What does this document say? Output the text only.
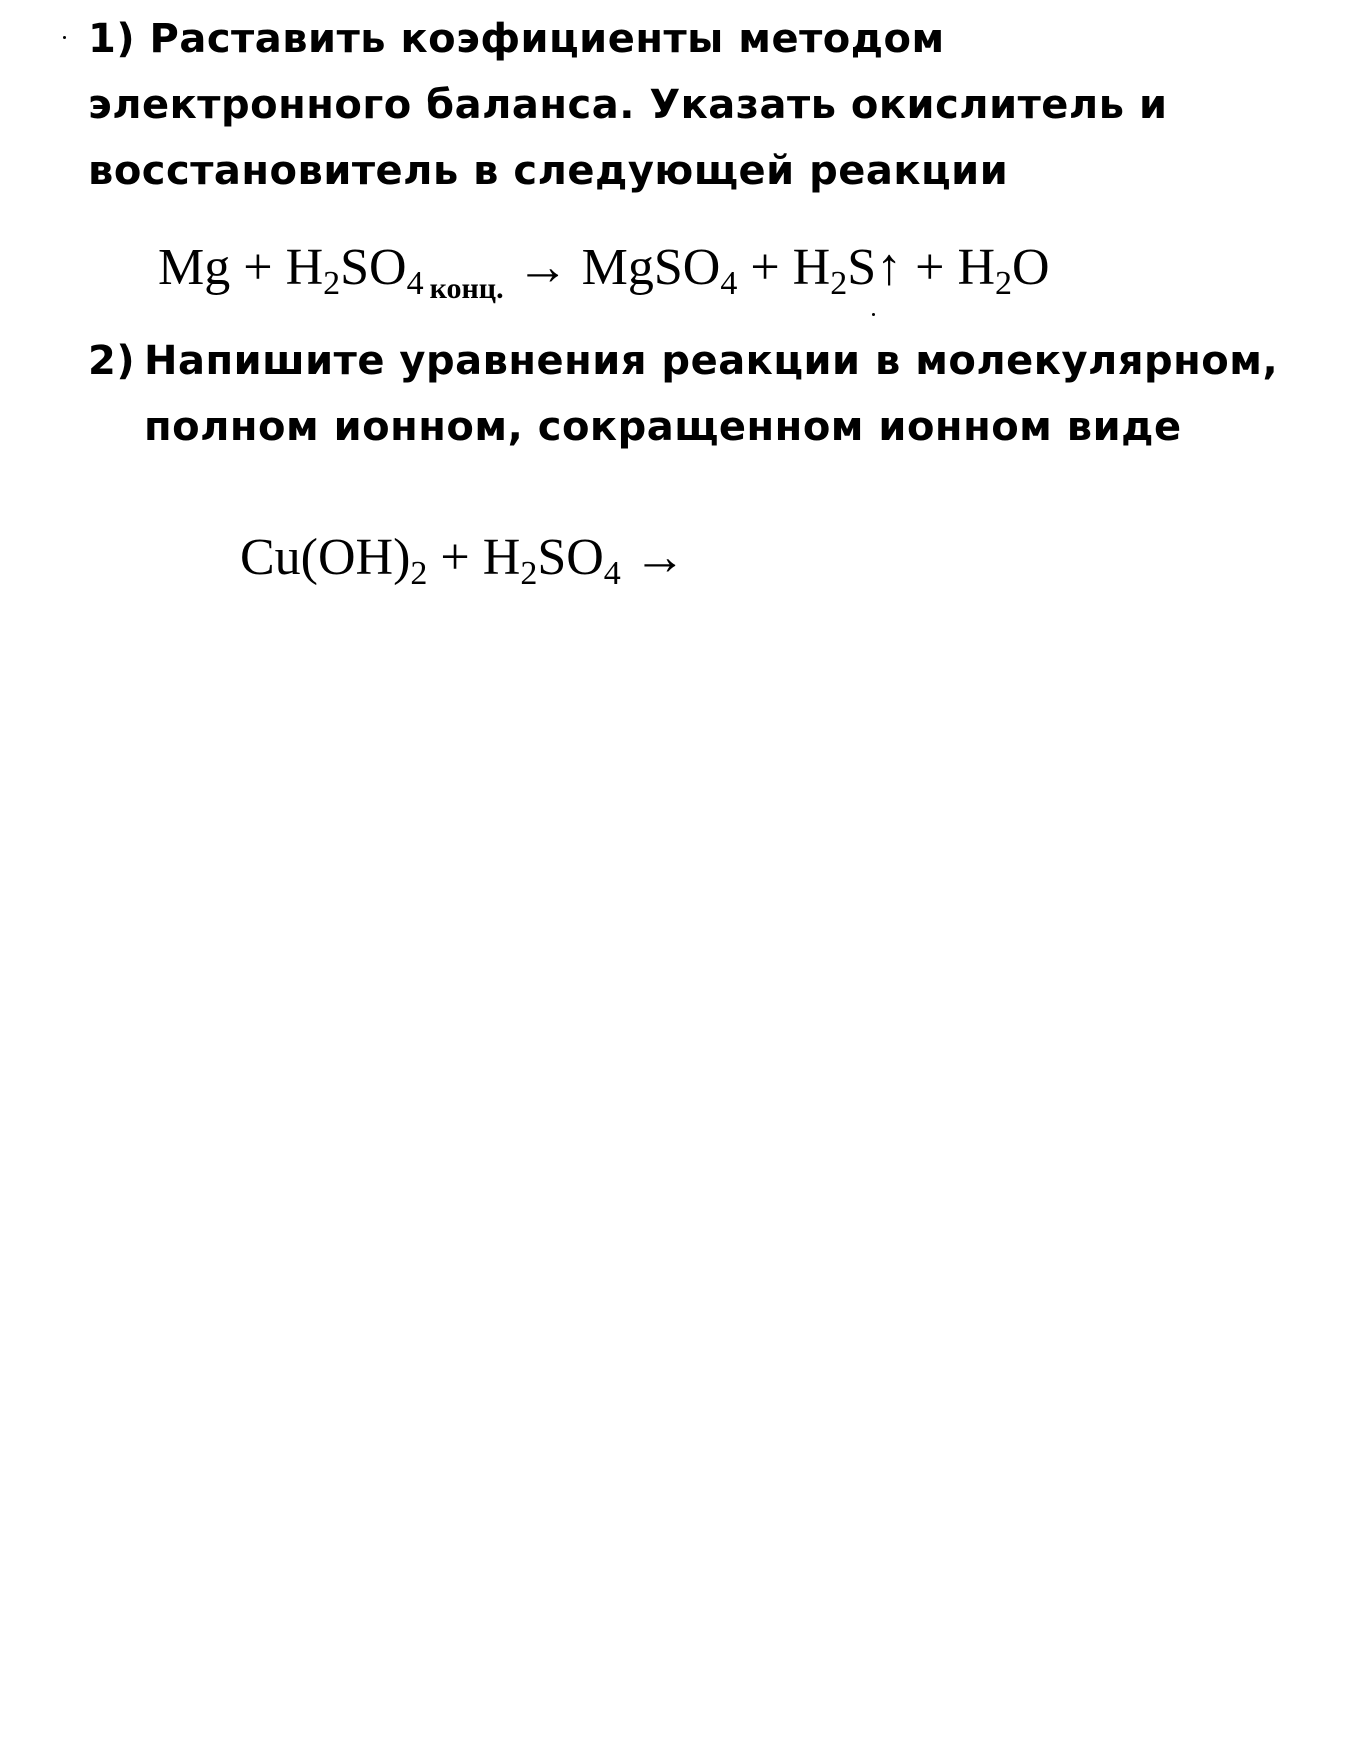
1) Раставить коэфициенты методом
электронного баланса. Указать окислитель и
восстановитель в следующей реакции
$Mg + H_2SO_4$ $_{конц.}$ → MgSO$_4$ + $H_2S↑ + H_2O$
2) Напишите уравнения реакции в молекулярном,
полном ионном, сокращенном ионном виде
$Cu(OH)_2 + H_2SO_4$ →
